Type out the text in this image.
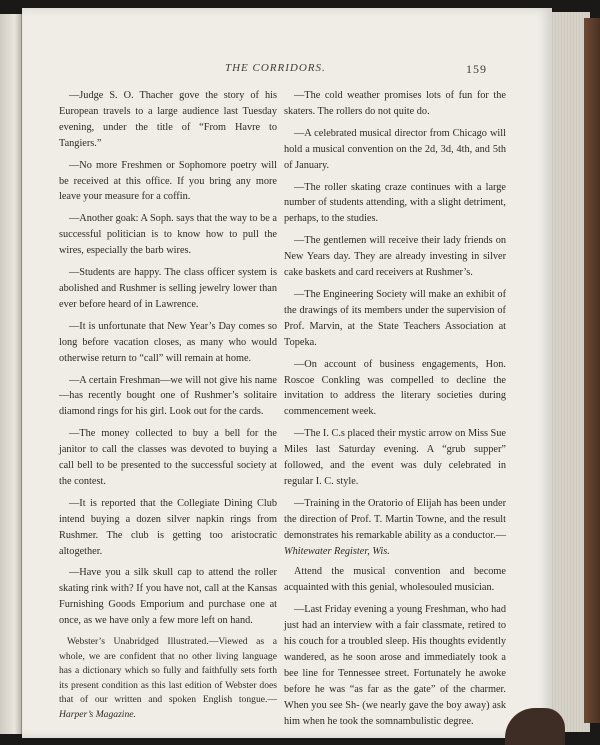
THE CORRIDORS.	159

—Judge S. O. Thacher gove the story of his European travels to a large audience last Tuesday evening, under the title of “From Havre to Tangiers.”

—No more Freshmen or Sophomore poetry will be received at this office. If you bring any more leave your measure for a coffin.

—Another goak: A Soph. says that the way to be a successful politician is to know how to pull the wires, especially the barb wires.

—Students are happy. The class officer system is abolished and Rushmer is selling jewelry lower than ever before heard of in Lawrence.

—It is unfortunate that New Year’s Day comes so long before vacation closes, as many who would otherwise return to “call” will remain at home.

—A certain Freshman—we will not give his name—has recently bought one of Rushmer’s solitaire diamond rings for his girl. Look out for the cards.

—The money collected to buy a bell for the janitor to call the classes was devoted to buying a call bell to be presented to the successful society at the contest.

—It is reported that the Collegiate Dining Club intend buying a dozen silver napkin rings from Rushmer. The club is getting too aristocratic altogether.

—Have you a silk skull cap to attend the roller skating rink with? If you have not, call at the Kansas Furnishing Goods Emporium and purchase one at once, as we have only a few more left on hand.

Webster’s Unabridged Illustrated.—Viewed as a whole, we are confident that no other living language has a dictionary which so fully and faithfully sets forth its present condition as this last edition of Webster does that of our written and spoken English tongue.—Harper’s Magazine.

—The cold weather promises lots of fun for the skaters. The rollers do not quite do.

—A celebrated musical director from Chicago will hold a musical convention on the 2d, 3d, 4th, and 5th of January.

—The roller skating craze continues with a large number of students attending, with a slight detriment, perhaps, to the studies.

—The gentlemen will receive their lady friends on New Years day. They are already investing in silver cake baskets and card receivers at Rushmer’s.

—The Engineering Society will make an exhibit of the drawings of its members under the supervision of Prof. Marvin, at the State Teachers Association at Topeka.

—On account of business engagements, Hon. Roscoe Conkling was compelled to decline the invitation to address the literary societies during commencement week.

—The I. C.s placed their mystic arrow on Miss Sue Miles last Saturday evening. A “grub supper” followed, and the event was duly celebrated in regular I. C. style.

—Training in the Oratorio of Elijah has been under the direction of Prof. T. Martin Towne, and the result demonstrates his remarkable ability as a conductor.—Whitewater Register, Wis.

Attend the musical convention and become acquainted with this genial, wholesouled musician.

—Last Friday evening a young Freshman, who had just had an interview with a fair classmate, retired to his couch for a troubled sleep. His thoughts evidently wandered, as he soon arose and immediately took a bee line for Tennessee street. Fortunately he awoke before he was “as far as the gate” of the charmer. When you see Sh- (we nearly gave the boy away) ask him when he took the somnambulistic degree.
